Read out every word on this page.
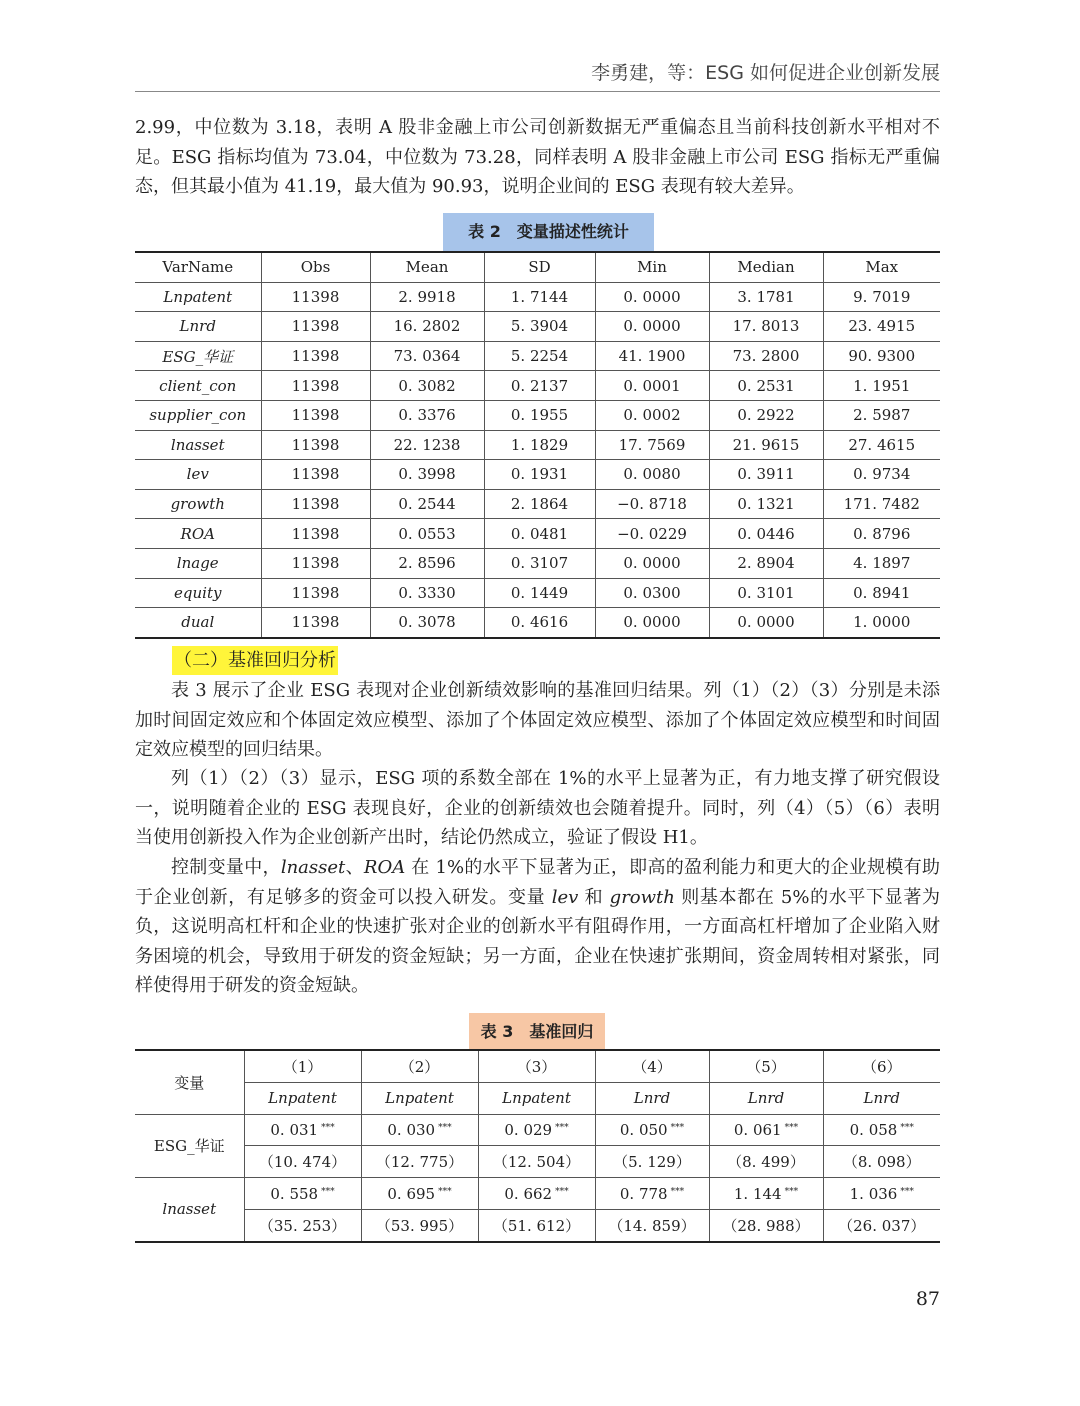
李勇建，等：ESG 如何促进企业创新发展

2.99，中位数为 3.18，表明 A 股非金融上市公司创新数据无严重偏态且当前科技创新水平相对不足。ESG 指标均值为 73.04，中位数为 73.28，同样表明 A 股非金融上市公司 ESG 指标无严重偏态，但其最小值为 41.19，最大值为 90.93，说明企业间的 ESG 表现有较大差异。

表 2　变量描述性统计
VarName	Obs	Mean	SD	Min	Median	Max
Lnpatent	11398	2. 9918	1. 7144	0. 0000	3. 1781	9. 7019
Lnrd	11398	16. 2802	5. 3904	0. 0000	17. 8013	23. 4915
ESG_华证	11398	73. 0364	5. 2254	41. 1900	73. 2800	90. 9300
client_con	11398	0. 3082	0. 2137	0. 0001	0. 2531	1. 1951
supplier_con	11398	0. 3376	0. 1955	0. 0002	0. 2922	2. 5987
lnasset	11398	22. 1238	1. 1829	17. 7569	21. 9615	27. 4615
lev	11398	0. 3998	0. 1931	0. 0080	0. 3911	0. 9734
growth	11398	0. 2544	2. 1864	−0. 8718	0. 1321	171. 7482
ROA	11398	0. 0553	0. 0481	−0. 0229	0. 0446	0. 8796
lnage	11398	2. 8596	0. 3107	0. 0000	2. 8904	4. 1897
equity	11398	0. 3330	0. 1449	0. 0300	0. 3101	0. 8941
dual	11398	0. 3078	0. 4616	0. 0000	0. 0000	1. 0000
（二）基准回归分析

表 3 展示了企业 ESG 表现对企业创新绩效影响的基准回归结果。列（1）（2）（3）分别是未添加时间固定效应和个体固定效应模型、添加了个体固定效应模型、添加了个体固定效应模型和时间固定效应模型的回归结果。

列（1）（2）（3）显示，ESG 项的系数全部在 1%的水平上显著为正，有力地支撑了研究假设一，说明随着企业的 ESG 表现良好，企业的创新绩效也会随着提升。同时，列（4）（5）（6）表明当使用创新投入作为企业创新产出时，结论仍然成立，验证了假设 H1。

控制变量中，lnasset、ROA 在 1%的水平下显著为正，即高的盈利能力和更大的企业规模有助于企业创新，有足够多的资金可以投入研发。变量 lev 和 growth 则基本都在 5%的水平下显著为负，这说明高杠杆和企业的快速扩张对企业的创新水平有阻碍作用，一方面高杠杆增加了企业陷入财务困境的机会，导致用于研发的资金短缺；另一方面，企业在快速扩张期间，资金周转相对紧张，同样使得用于研发的资金短缺。

表 3　基准回归
变量	（1）	（2）	（3）	（4）	（5）	（6）
	Lnpatent	Lnpatent	Lnpatent	Lnrd	Lnrd	Lnrd
ESG_华证	0. 031 ***	0. 030 ***	0. 029 ***	0. 050 ***	0. 061 ***	0. 058 ***
	（10. 474）	（12. 775）	（12. 504）	（5. 129）	（8. 499）	（8. 098）
lnasset	0. 558 ***	0. 695 ***	0. 662 ***	0. 778 ***	1. 144 ***	1. 036 ***
	（35. 253）	（53. 995）	（51. 612）	（14. 859）	（28. 988）	（26. 037）
87
